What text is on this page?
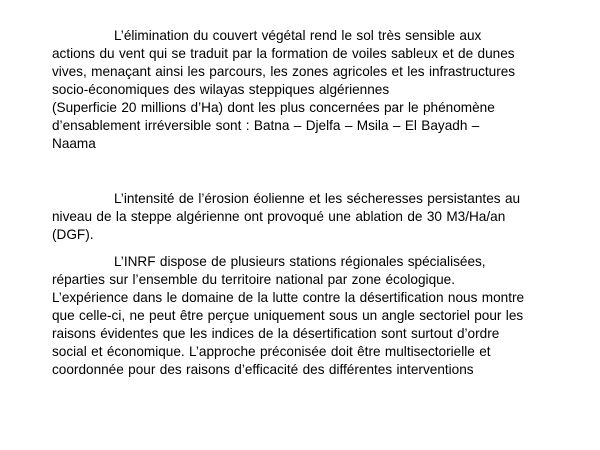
L’élimination du couvert végétal rend le sol très sensible aux
actions du vent qui se traduit par la formation de voiles sableux et de dunes
vives, menaçant ainsi les parcours, les zones agricoles et les infrastructures
socio-économiques des wilayas steppiques algériennes
(Superficie 20 millions d’Ha) dont les plus concernées par le phénomène
d’ensablement irréversible sont : Batna – Djelfa – Msila – El Bayadh –
Naama

L’intensité de l’érosion éolienne et les sécheresses persistantes au
niveau de la steppe algérienne ont provoqué une ablation de 30 M3/Ha/an
(DGF).

L’INRF dispose de plusieurs stations régionales spécialisées,
réparties sur l’ensemble du territoire national par zone écologique.
L’expérience dans le domaine de la lutte contre la désertification nous montre
que celle-ci, ne peut être perçue uniquement sous un angle sectoriel pour les
raisons évidentes que les indices de la désertification sont surtout d’ordre
social et économique. L’approche préconisée doit être multisectorielle et
coordonnée pour des raisons d’efficacité des différentes interventions
